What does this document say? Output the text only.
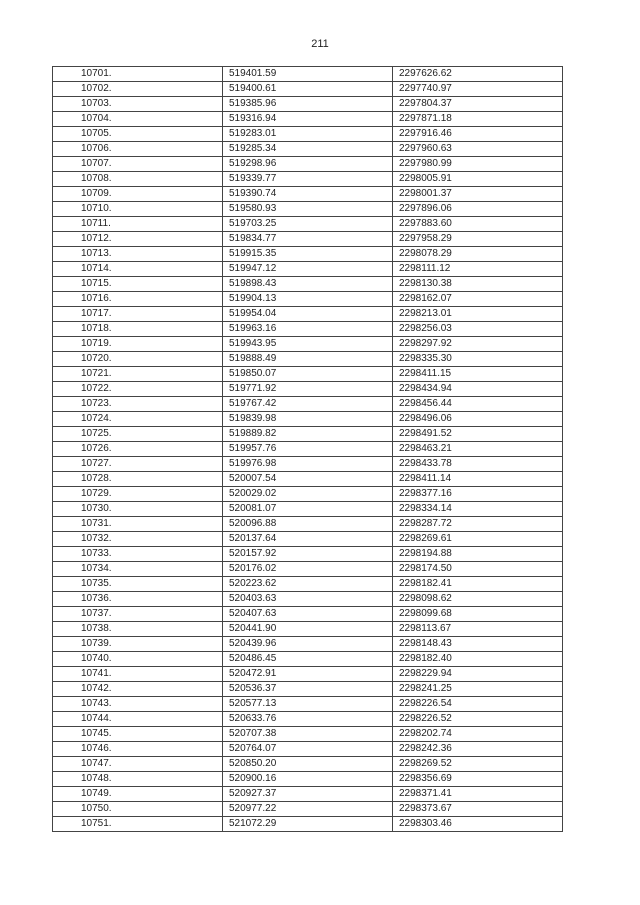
211
10701.	519401.59	2297626.62
10702.	519400.61	2297740.97
10703.	519385.96	2297804.37
10704.	519316.94	2297871.18
10705.	519283.01	2297916.46
10706.	519285.34	2297960.63
10707.	519298.96	2297980.99
10708.	519339.77	2298005.91
10709.	519390.74	2298001.37
10710.	519580.93	2297896.06
10711.	519703.25	2297883.60
10712.	519834.77	2297958.29
10713.	519915.35	2298078.29
10714.	519947.12	2298111.12
10715.	519898.43	2298130.38
10716.	519904.13	2298162.07
10717.	519954.04	2298213.01
10718.	519963.16	2298256.03
10719.	519943.95	2298297.92
10720.	519888.49	2298335.30
10721.	519850.07	2298411.15
10722.	519771.92	2298434.94
10723.	519767.42	2298456.44
10724.	519839.98	2298496.06
10725.	519889.82	2298491.52
10726.	519957.76	2298463.21
10727.	519976.98	2298433.78
10728.	520007.54	2298411.14
10729.	520029.02	2298377.16
10730.	520081.07	2298334.14
10731.	520096.88	2298287.72
10732.	520137.64	2298269.61
10733.	520157.92	2298194.88
10734.	520176.02	2298174.50
10735.	520223.62	2298182.41
10736.	520403.63	2298098.62
10737.	520407.63	2298099.68
10738.	520441.90	2298113.67
10739.	520439.96	2298148.43
10740.	520486.45	2298182.40
10741.	520472.91	2298229.94
10742.	520536.37	2298241.25
10743.	520577.13	2298226.54
10744.	520633.76	2298226.52
10745.	520707.38	2298202.74
10746.	520764.07	2298242.36
10747.	520850.20	2298269.52
10748.	520900.16	2298356.69
10749.	520927.37	2298371.41
10750.	520977.22	2298373.67
10751.	521072.29	2298303.46
